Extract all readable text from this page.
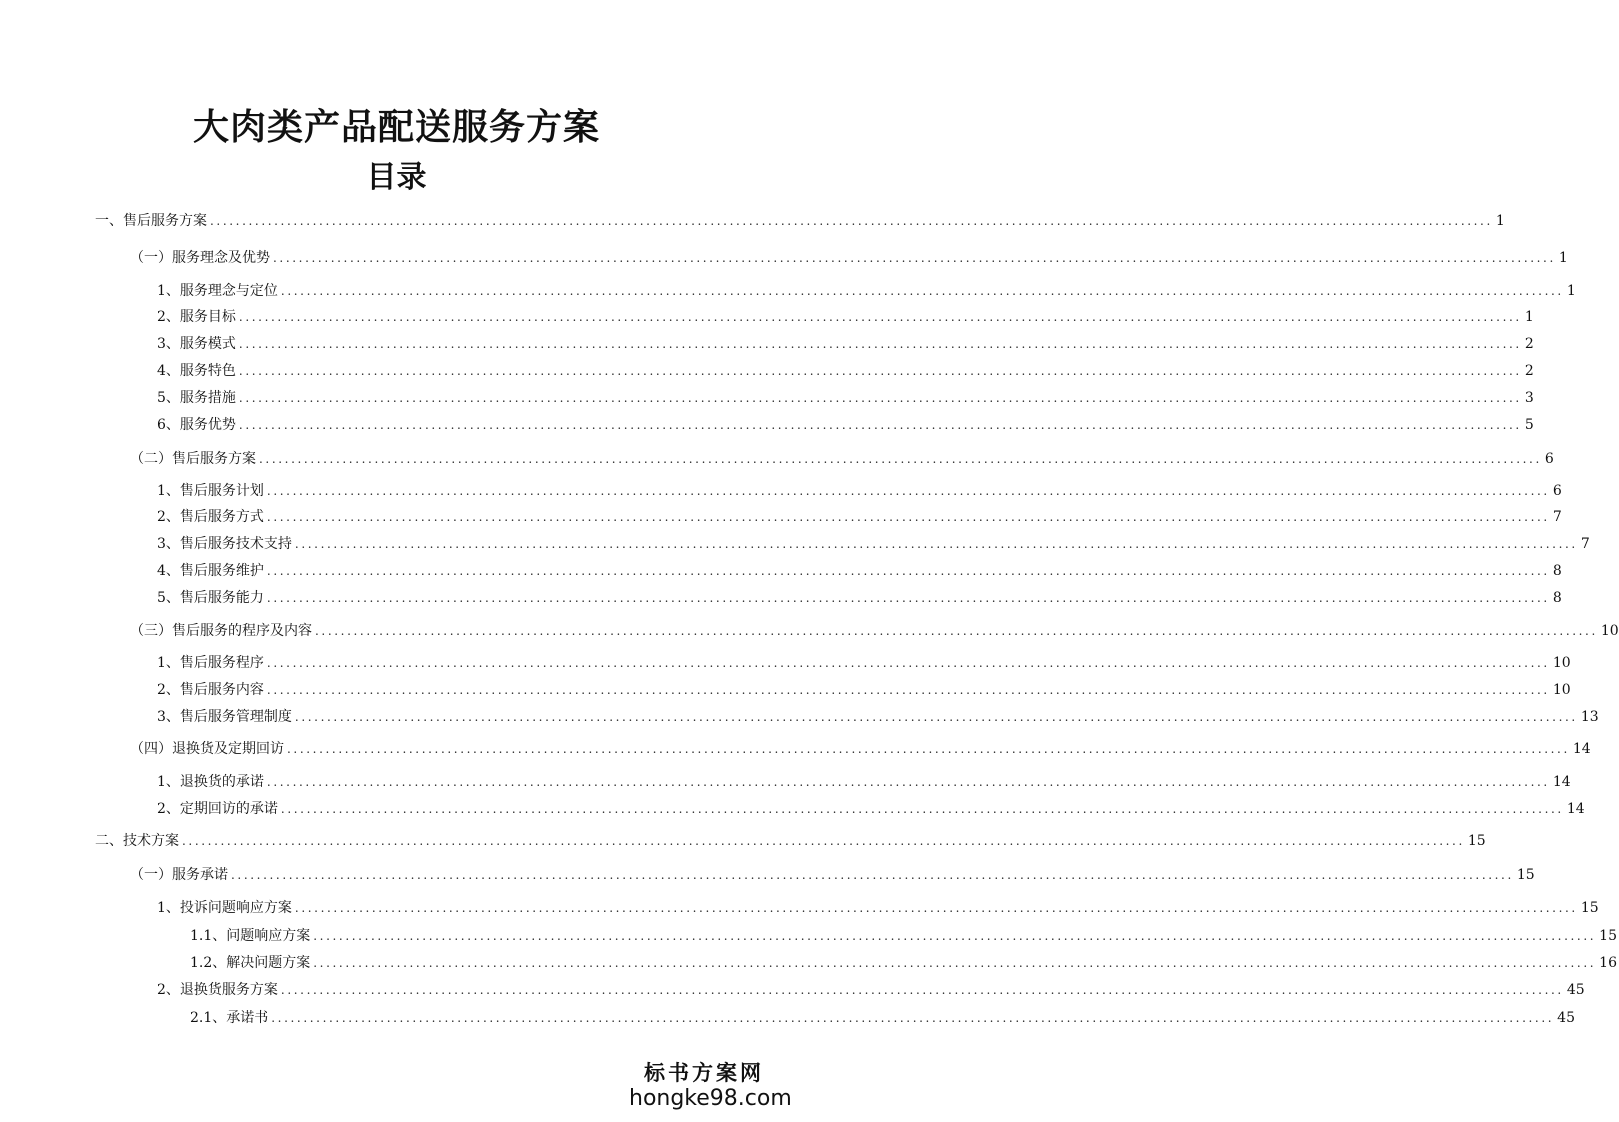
大肉类产品配送服务方案
目录
一、 售后服务方案 ........................................................................................................................................................................................................ 1
（一） 服务理念及优势 ........................................................................................................................................................................................................ 1
1、 服务理念与定位 ........................................................................................................................................................................................................ 1
2、 服务目标 ........................................................................................................................................................................................................ 1
3、 服务模式 ........................................................................................................................................................................................................ 2
4、 服务特色 ........................................................................................................................................................................................................ 2
5、 服务措施 ........................................................................................................................................................................................................ 3
6、 服务优势 ........................................................................................................................................................................................................ 5
（二） 售后服务方案 ........................................................................................................................................................................................................ 6
1、 售后服务计划 ........................................................................................................................................................................................................ 6
2、 售后服务方式 ........................................................................................................................................................................................................ 7
3、 售后服务技术支持 ........................................................................................................................................................................................................ 7
4、 售后服务维护 ........................................................................................................................................................................................................ 8
5、 售后服务能力 ........................................................................................................................................................................................................ 8
（三） 售后服务的程序及内容 ........................................................................................................................................................................................................ 10
1、 售后服务程序 ........................................................................................................................................................................................................ 10
2、 售后服务内容 ........................................................................................................................................................................................................ 10
3、 售后服务管理制度 ........................................................................................................................................................................................................ 13
（四） 退换货及定期回访 ........................................................................................................................................................................................................ 14
1、 退换货的承诺 ........................................................................................................................................................................................................ 14
2、 定期回访的承诺 ........................................................................................................................................................................................................ 14
二、 技术方案 ........................................................................................................................................................................................................ 15
（一） 服务承诺 ........................................................................................................................................................................................................ 15
1、 投诉问题响应方案 ........................................................................................................................................................................................................ 15
1.1、 问题响应方案 ........................................................................................................................................................................................................ 15
1.2、 解决问题方案 ........................................................................................................................................................................................................ 16
2、 退换货服务方案 ........................................................................................................................................................................................................ 45
2.1、 承诺书 ........................................................................................................................................................................................................ 45
标书方案网
hongke98.com
